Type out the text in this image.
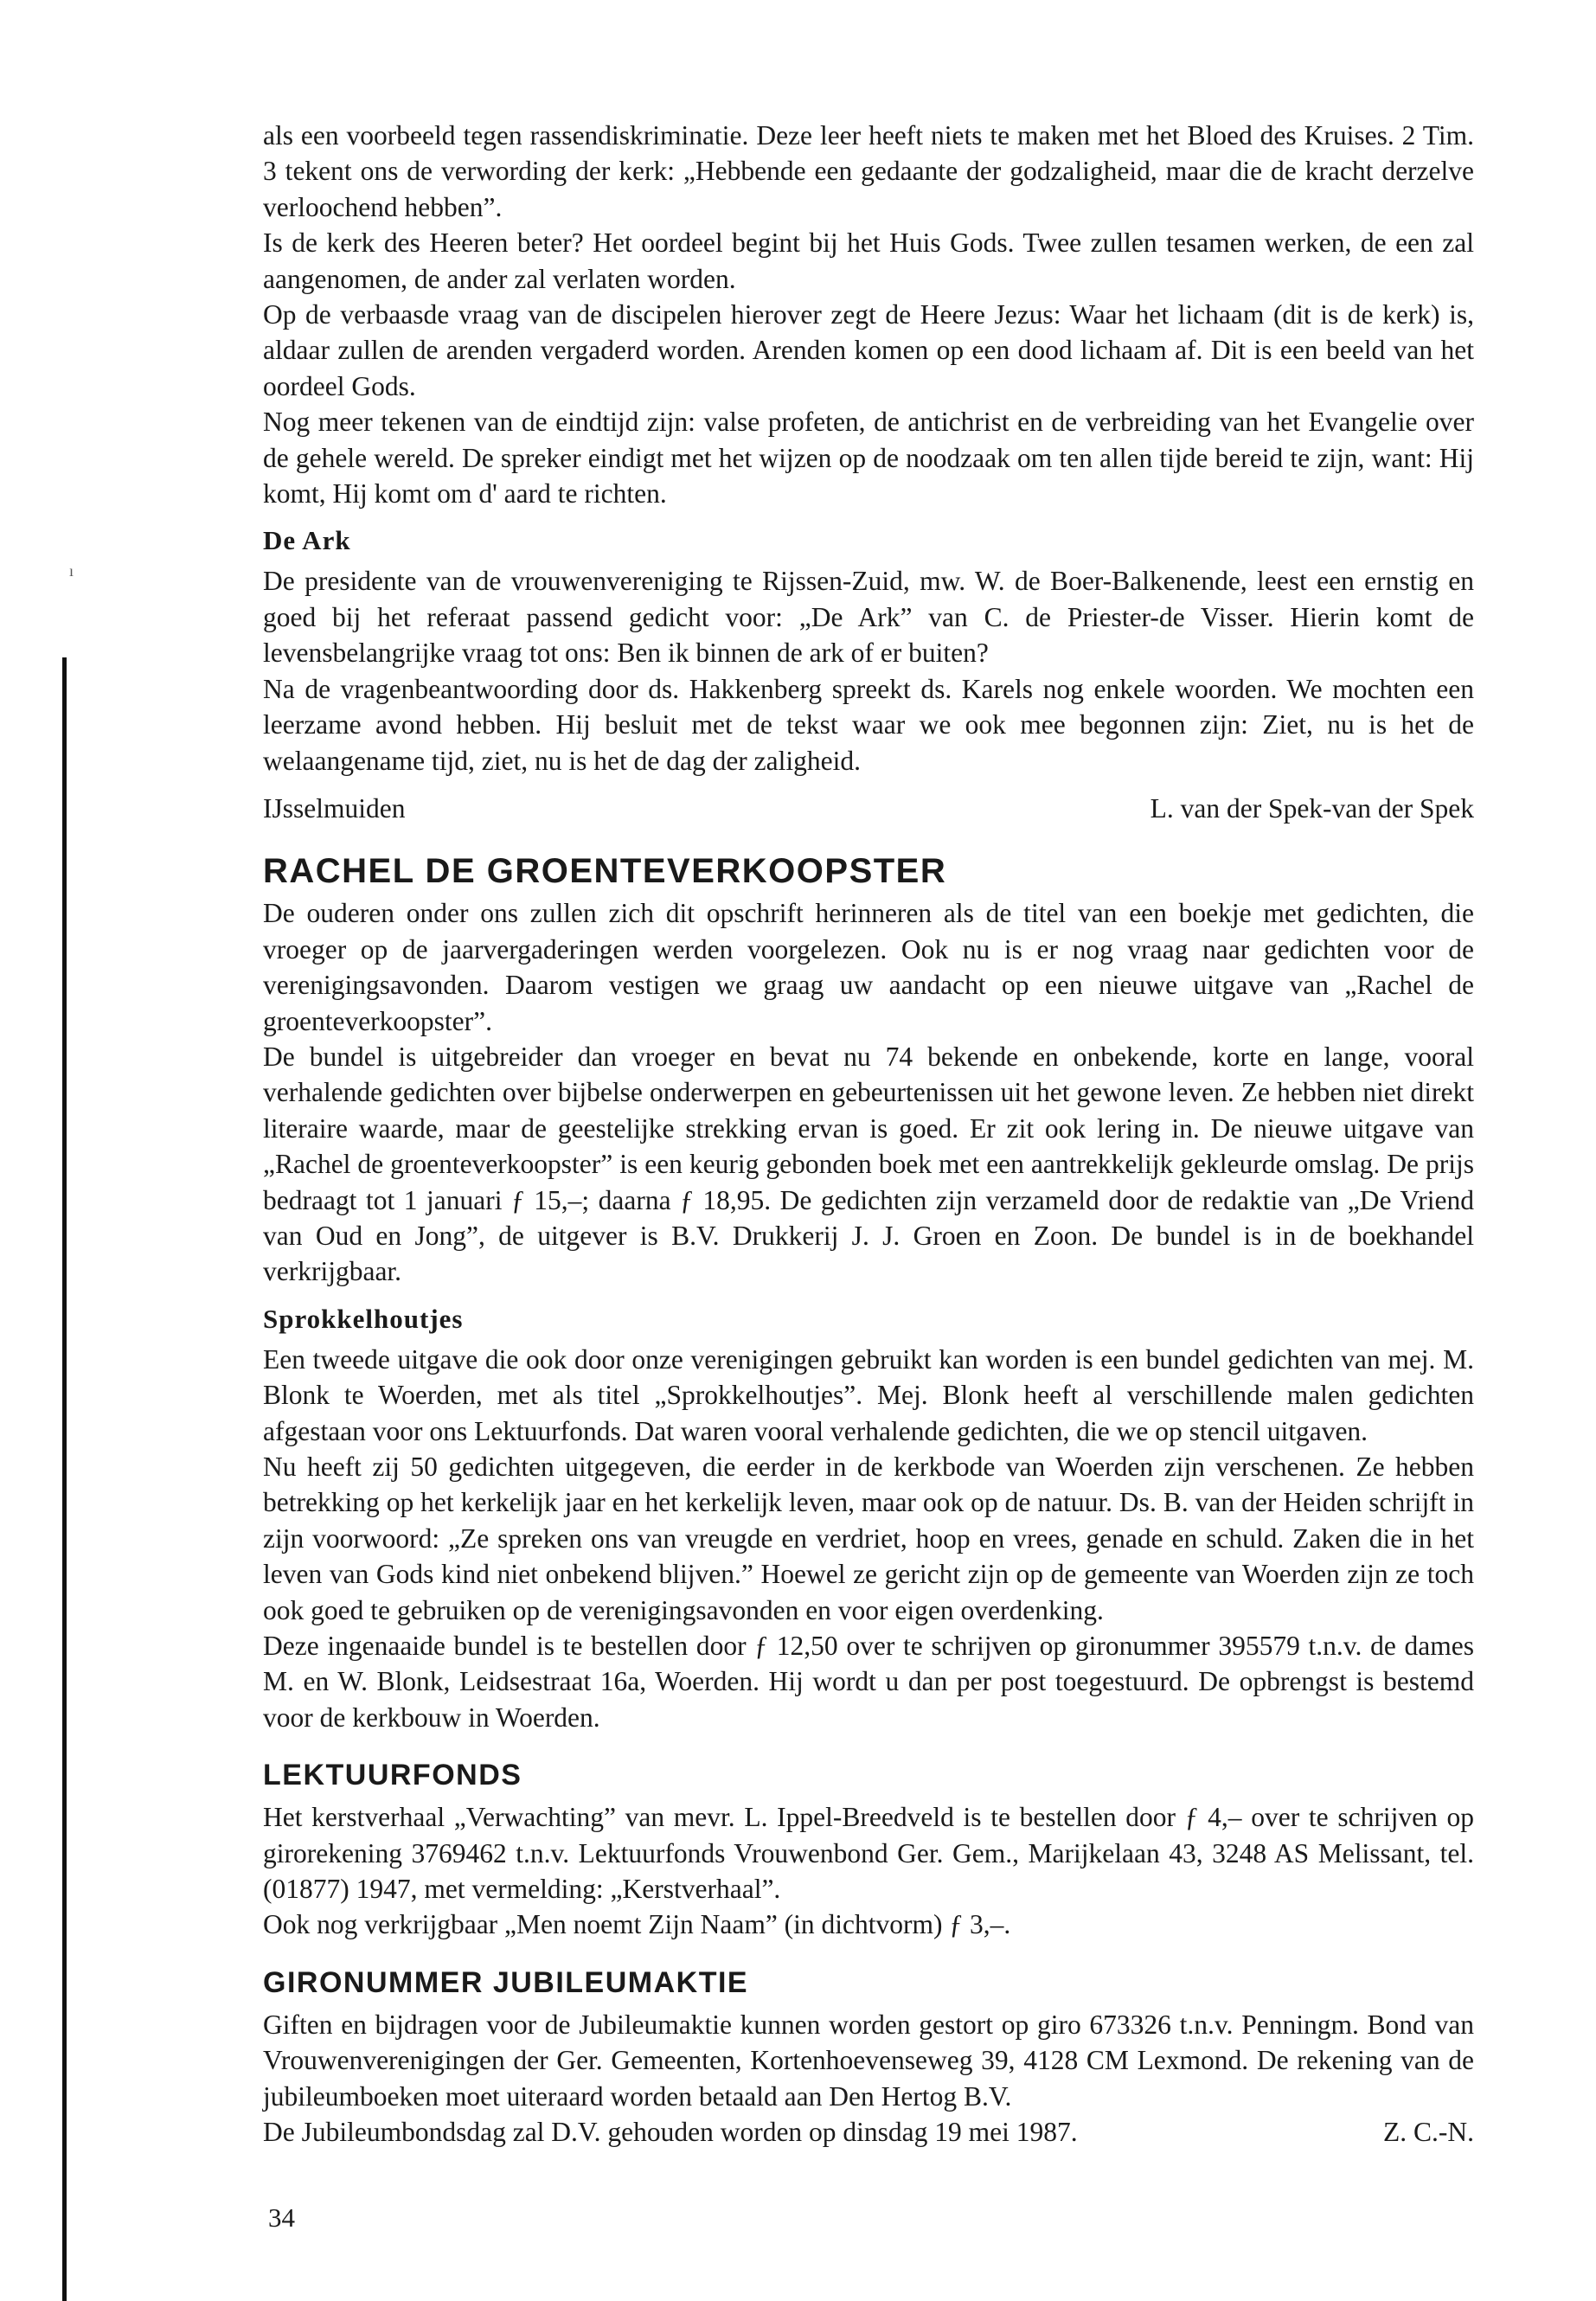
ı

als een voorbeeld tegen rassendiskriminatie. Deze leer heeft niets te maken met het Bloed des Kruises. 2 Tim. 3 tekent ons de verwording der kerk: „Hebbende een gedaante der godzaligheid, maar die de kracht derzelve verloochend hebben”.

Is de kerk des Heeren beter? Het oordeel begint bij het Huis Gods. Twee zullen tesamen werken, de een zal aangenomen, de ander zal verlaten worden.

Op de verbaasde vraag van de discipelen hierover zegt de Heere Jezus: Waar het lichaam (dit is de kerk) is, aldaar zullen de arenden vergaderd worden. Arenden komen op een dood lichaam af. Dit is een beeld van het oordeel Gods.

Nog meer tekenen van de eindtijd zijn: valse profeten, de antichrist en de verbreiding van het Evangelie over de gehele wereld. De spreker eindigt met het wijzen op de noodzaak om ten allen tijde bereid te zijn, want: Hij komt, Hij komt om d' aard te richten.

De Ark

De presidente van de vrouwenvereniging te Rijssen-Zuid, mw. W. de Boer-Balkenende, leest een ernstig en goed bij het referaat passend gedicht voor: „De Ark” van C. de Priester-de Visser. Hierin komt de levensbelangrijke vraag tot ons: Ben ik binnen de ark of er buiten?

Na de vragenbeantwoording door ds. Hakkenberg spreekt ds. Karels nog enkele woorden. We mochten een leerzame avond hebben. Hij besluit met de tekst waar we ook mee begonnen zijn: Ziet, nu is het de welaangename tijd, ziet, nu is het de dag der zaligheid.

IJsselmuiden	L. van der Spek-van der Spek
RACHEL DE GROENTEVERKOOPSTER

De ouderen onder ons zullen zich dit opschrift herinneren als de titel van een boekje met gedichten, die vroeger op de jaarvergaderingen werden voorgelezen. Ook nu is er nog vraag naar gedichten voor de verenigingsavonden. Daarom vestigen we graag uw aandacht op een nieuwe uitgave van „Rachel de groenteverkoopster”.

De bundel is uitgebreider dan vroeger en bevat nu 74 bekende en onbekende, korte en lange, vooral verhalende gedichten over bijbelse onderwerpen en gebeurtenissen uit het gewone leven. Ze hebben niet direkt literaire waarde, maar de geestelijke strekking ervan is goed. Er zit ook lering in. De nieuwe uitgave van „Rachel de groenteverkoopster” is een keurig gebonden boek met een aantrekkelijk gekleurde omslag. De prijs bedraagt tot 1 januari ƒ 15,–; daarna ƒ 18,95. De gedichten zijn verzameld door de redaktie van „De Vriend van Oud en Jong”, de uitgever is B.V. Drukkerij J. J. Groen en Zoon. De bundel is in de boekhandel verkrijgbaar.

Sprokkelhoutjes

Een tweede uitgave die ook door onze verenigingen gebruikt kan worden is een bundel gedichten van mej. M. Blonk te Woerden, met als titel „Sprokkelhoutjes”. Mej. Blonk heeft al verschillende malen gedichten afgestaan voor ons Lektuurfonds. Dat waren vooral verhalende gedichten, die we op stencil uitgaven.

Nu heeft zij 50 gedichten uitgegeven, die eerder in de kerkbode van Woerden zijn verschenen. Ze hebben betrekking op het kerkelijk jaar en het kerkelijk leven, maar ook op de natuur. Ds. B. van der Heiden schrijft in zijn voorwoord: „Ze spreken ons van vreugde en verdriet, hoop en vrees, genade en schuld. Zaken die in het leven van Gods kind niet onbekend blijven.” Hoewel ze gericht zijn op de gemeente van Woerden zijn ze toch ook goed te gebruiken op de verenigingsavonden en voor eigen overdenking.

Deze ingenaaide bundel is te bestellen door ƒ 12,50 over te schrijven op gironummer 395579 t.n.v. de dames M. en W. Blonk, Leidsestraat 16a, Woerden. Hij wordt u dan per post toegestuurd. De opbrengst is bestemd voor de kerkbouw in Woerden.

LEKTUURFONDS

Het kerstverhaal „Verwachting” van mevr. L. Ippel-Breedveld is te bestellen door ƒ 4,– over te schrijven op girorekening 3769462 t.n.v. Lektuurfonds Vrouwenbond Ger. Gem., Marijkelaan 43, 3248 AS Melissant, tel. (01877) 1947, met vermelding: „Kerstverhaal”.

Ook nog verkrijgbaar „Men noemt Zijn Naam” (in dichtvorm) ƒ 3,–.

GIRONUMMER JUBILEUMAKTIE

Giften en bijdragen voor de Jubileumaktie kunnen worden gestort op giro 673326 t.n.v. Penningm. Bond van Vrouwenverenigingen der Ger. Gemeenten, Kortenhoevenseweg 39, 4128 CM Lexmond. De rekening van de jubileumboeken moet uiteraard worden betaald aan Den Hertog B.V.

De Jubileumbondsdag zal D.V. gehouden worden op dinsdag 19 mei 1987.	Z. C.-N.
34
